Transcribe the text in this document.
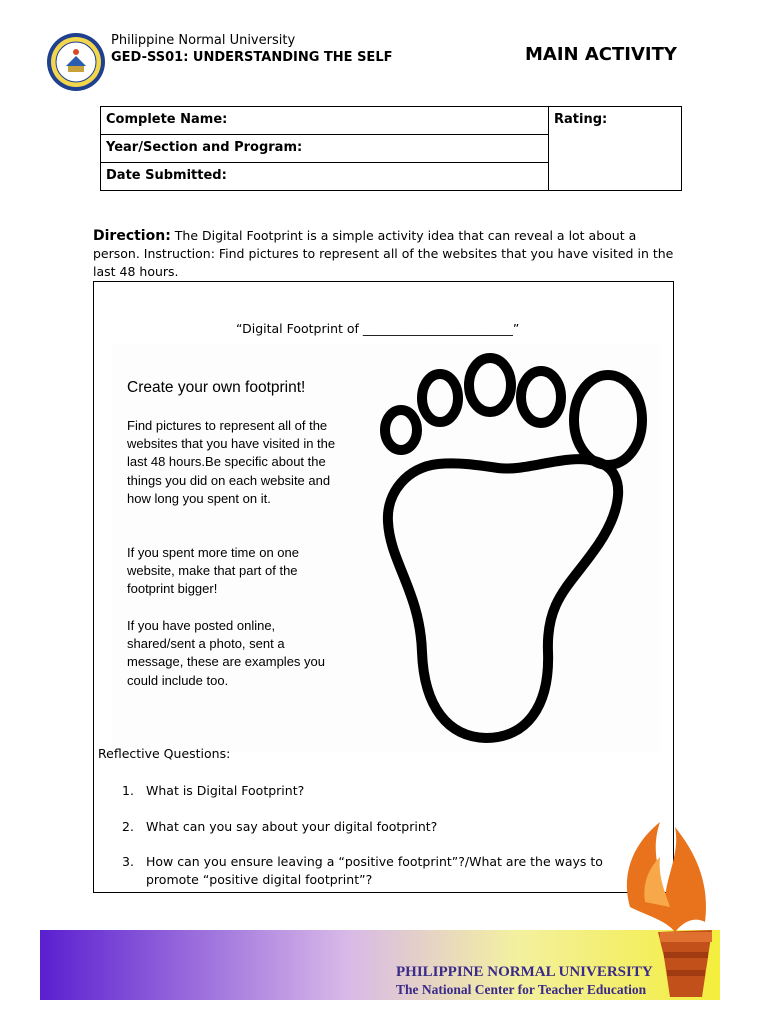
Philippine Normal University
GED-SS01: UNDERSTANDING THE SELF	MAIN ACTIVITY
Complete Name:	Rating:
Year/Section and Program:
Date Submitted:
Direction: The Digital Footprint is a simple activity idea that can reveal a lot about a person. Instruction: Find pictures to represent all of the websites that you have visited in the last 48 hours.
“Digital Footprint of ________________________”
Create your own footprint!
Find pictures to represent all of the websites that you have visited in the last 48 hours.Be specific about the things you did on each website and how long you spent on it.
If you spent more time on one website, make that part of the footprint bigger!
If you have posted online, shared/sent a photo, sent a message, these are examples you could include too.
Reflective Questions:
1. What is Digital Footprint?
2. What can you say about your digital footprint?
3. How can you ensure leaving a “positive footprint”?/What are the ways to promote “positive digital footprint”?
PHILIPPINE NORMAL UNIVERSITY
The National Center for Teacher Education
